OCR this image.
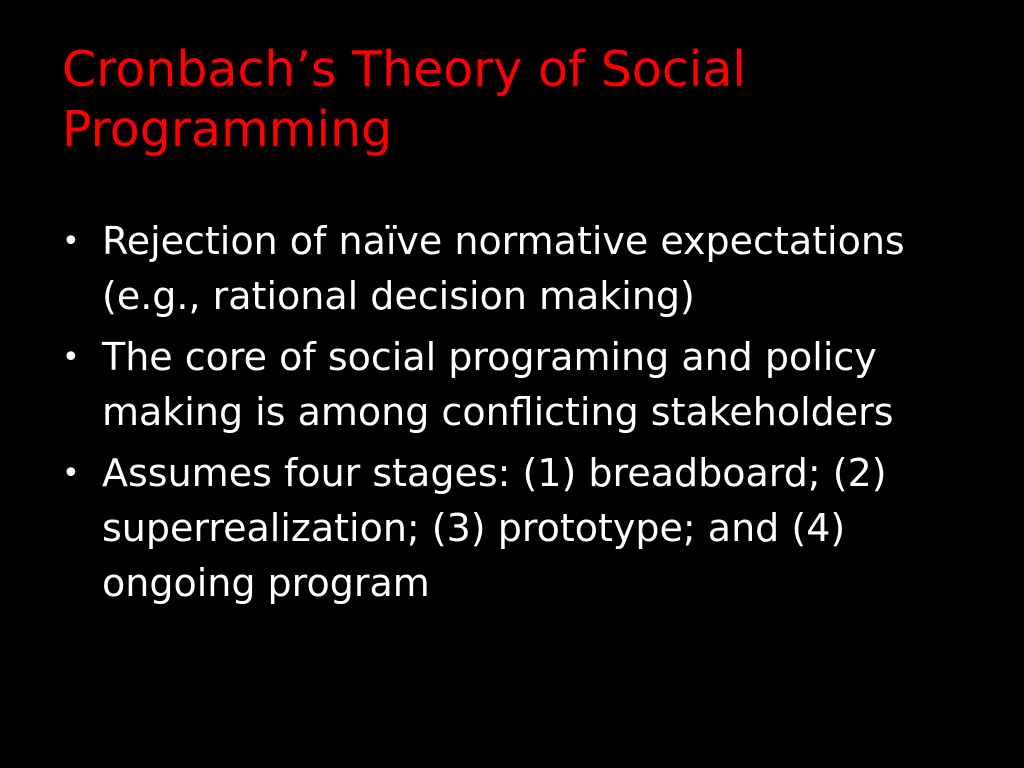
Cronbach’s Theory of Social Programming
• Rejection of naïve normative expectations (e.g., rational decision making)
• The core of social programing and policy making is among conflicting stakeholders
• Assumes four stages: (1) breadboard; (2) superrealization; (3) prototype; and (4) ongoing program
